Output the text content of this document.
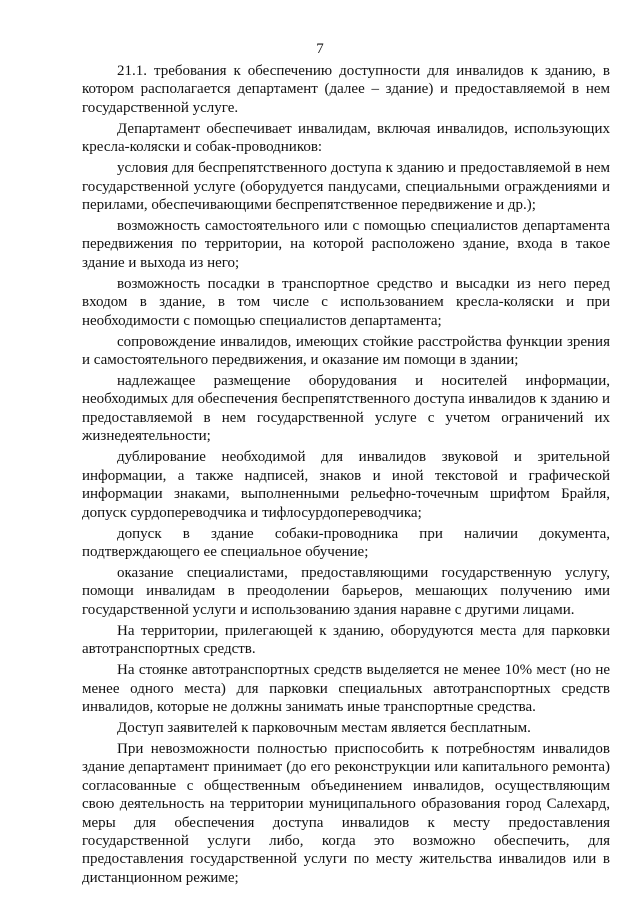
7

21.1. требования к обеспечению доступности для инвалидов к зданию, в котором располагается департамент (далее – здание) и предоставляемой в нем государственной услуге.

Департамент обеспечивает инвалидам, включая инвалидов, использующих кресла-коляски и собак-проводников:

условия для беспрепятственного доступа к зданию и предоставляемой в нем государственной услуге (оборудуется пандусами, специальными ограждениями и перилами, обеспечивающими беспрепятственное передвижение и др.);

возможность самостоятельного или с помощью специалистов департамента передвижения по территории, на которой расположено здание, входа в такое здание и выхода из него;

возможность посадки в транспортное средство и высадки из него перед входом в здание, в том числе с использованием кресла-коляски и при необходимости с помощью специалистов департамента;

сопровождение инвалидов, имеющих стойкие расстройства функции зрения и самостоятельного передвижения, и оказание им помощи в здании;

надлежащее размещение оборудования и носителей информации, необходимых для обеспечения беспрепятственного доступа инвалидов к зданию и предоставляемой в нем государственной услуге с учетом ограничений их жизнедеятельности;

дублирование необходимой для инвалидов звуковой и зрительной информации, а также надписей, знаков и иной текстовой и графической информации знаками, выполненными рельефно-точечным шрифтом Брайля, допуск сурдопереводчика и тифлосурдопереводчика;

допуск в здание собаки-проводника при наличии документа, подтверждающего ее специальное обучение;

оказание специалистами, предоставляющими государственную услугу, помощи инвалидам в преодолении барьеров, мешающих получению ими государственной услуги и использованию здания наравне с другими лицами.

На территории, прилегающей к зданию, оборудуются места для парковки автотранспортных средств.

На стоянке автотранспортных средств выделяется не менее 10% мест (но не менее одного места) для парковки специальных автотранспортных средств инвалидов, которые не должны занимать иные транспортные средства.

Доступ заявителей к парковочным местам является бесплатным.

При невозможности полностью приспособить к потребностям инвалидов здание департамент принимает (до его реконструкции или капитального ремонта) согласованные с общественным объединением инвалидов, осуществляющим свою деятельность на территории муниципального образования город Салехард, меры для обеспечения доступа инвалидов к месту предоставления государственной услуги либо, когда это возможно обеспечить, для предоставления государственной услуги по месту жительства инвалидов или в дистанционном режиме;
